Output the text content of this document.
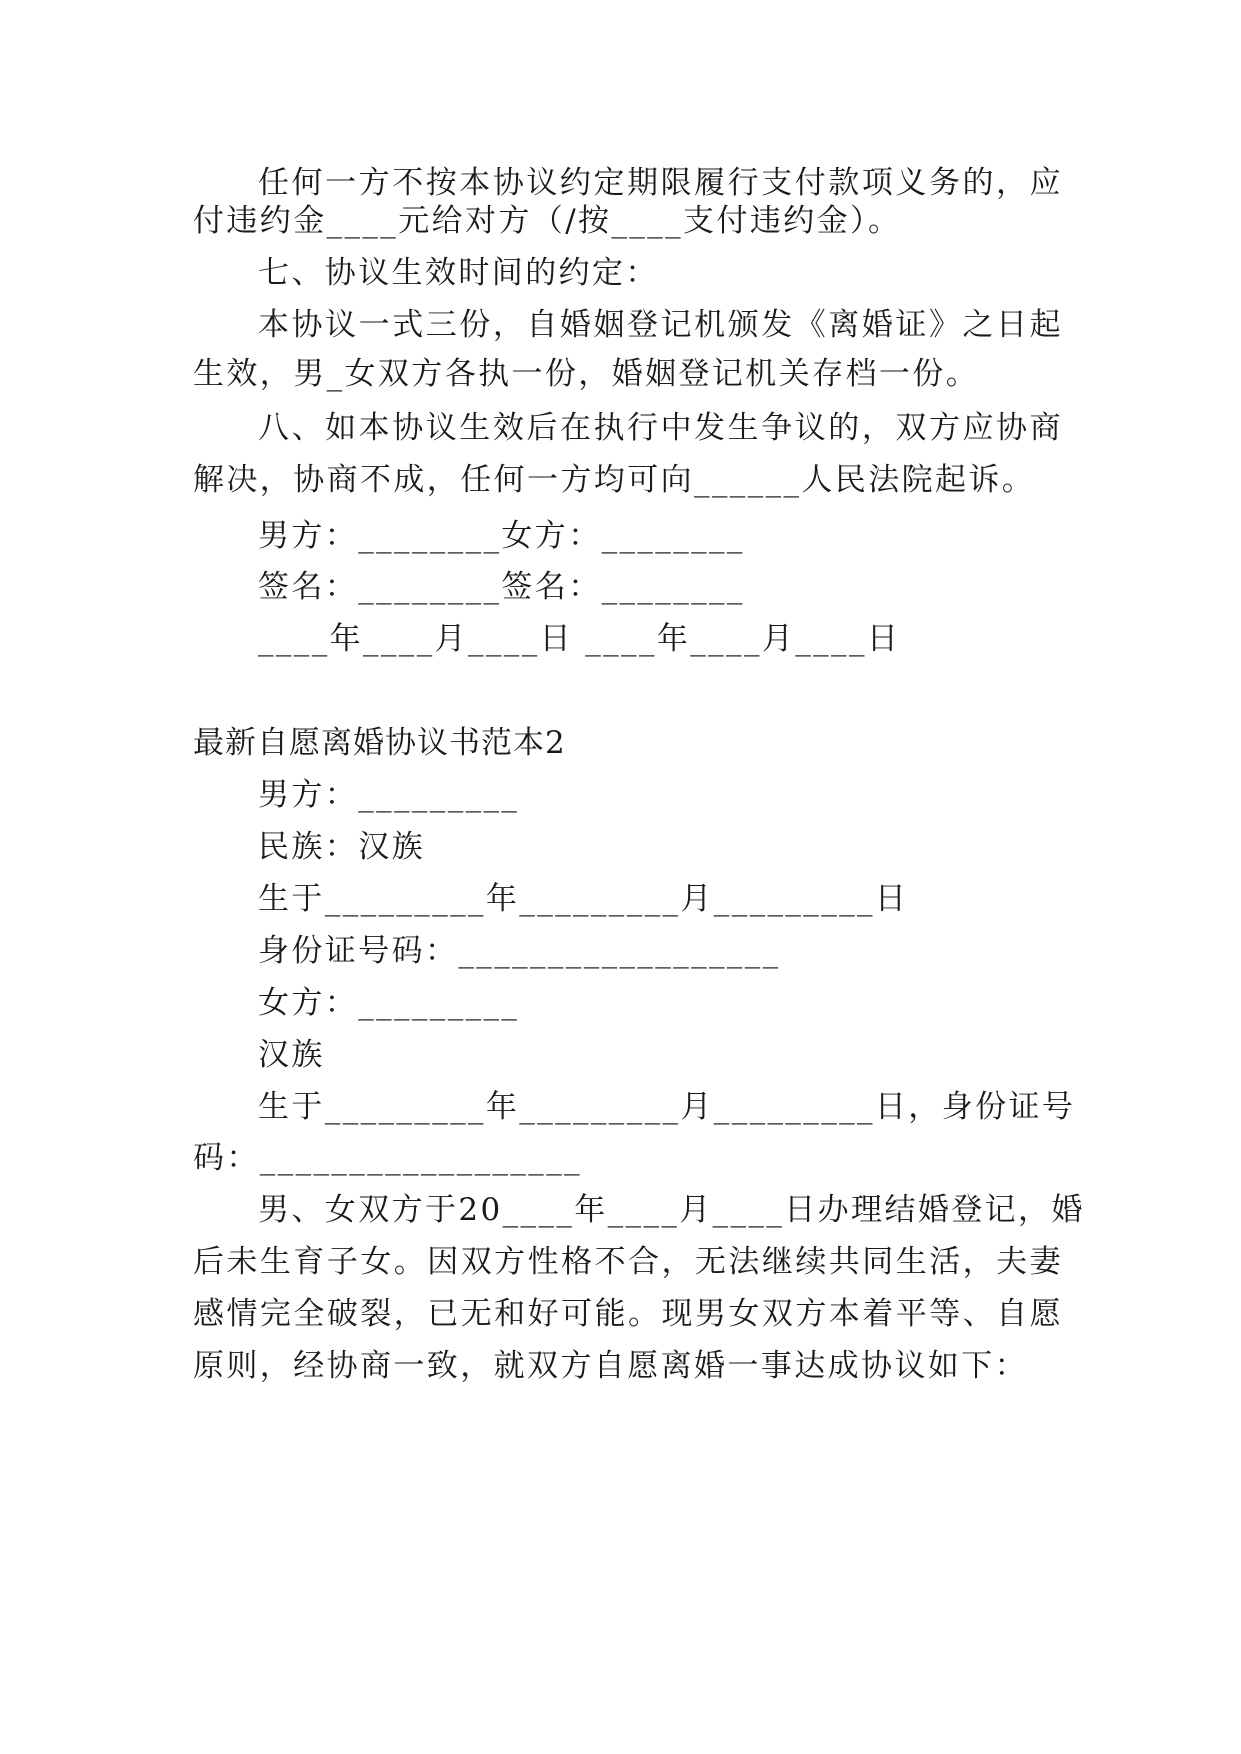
任何一方不按本协议约定期限履行支付款项义务的，应

付违约金____元给对方（/按____支付违约金）。

七、协议生效时间的约定：

本协议一式三份，自婚姻登记机颁发《离婚证》之日起

生效，男_女双方各执一份，婚姻登记机关存档一份。

八、如本协议生效后在执行中发生争议的，双方应协商

解决，协商不成，任何一方均可向______人民法院起诉。

男方：________女方：________

签名：________签名：________

____年____月____日 ____年____月____日

最新自愿离婚协议书范本2

男方：_________

民族：汉族

生于_________年_________月_________日

身份证号码：__________________

女方：_________

汉族

生于_________年_________月_________日，身份证号

码：__________________

男、女双方于20____年____月____日办理结婚登记，婚

后未生育子女。因双方性格不合，无法继续共同生活，夫妻

感情完全破裂，已无和好可能。现男女双方本着平等、自愿

原则，经协商一致，就双方自愿离婚一事达成协议如下：
